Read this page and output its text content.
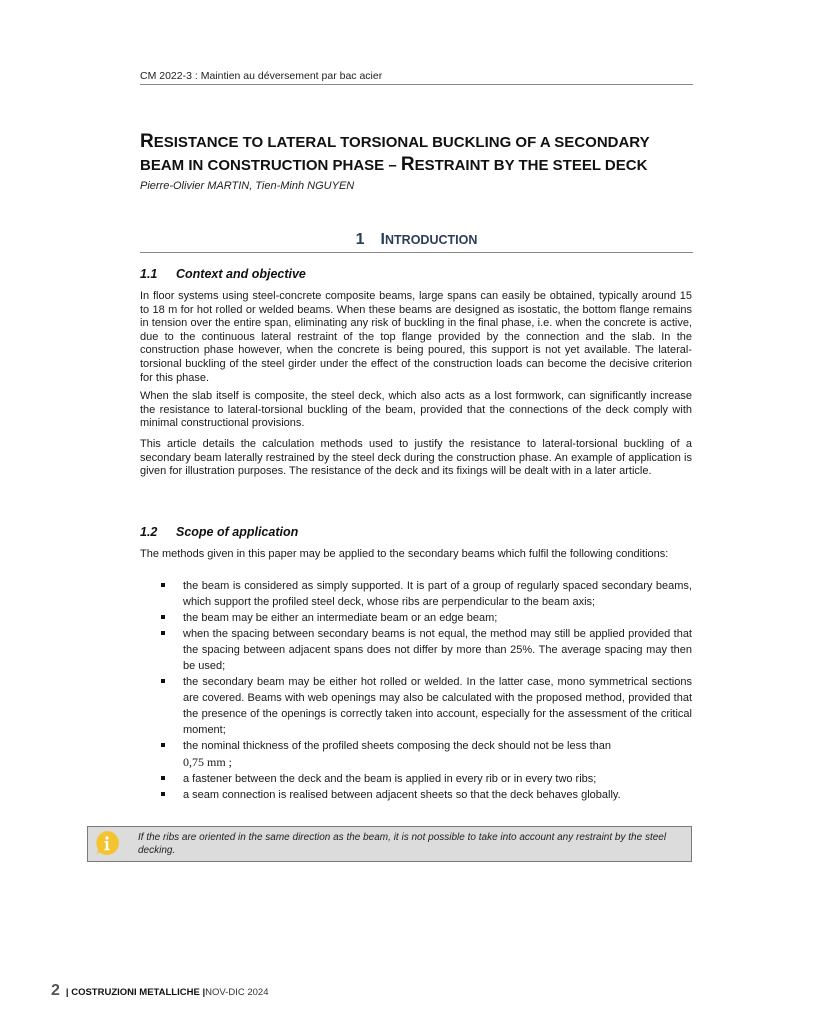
CM 2022-3 : Maintien au déversement par bac acier
RESISTANCE TO LATERAL TORSIONAL BUCKLING OF A SECONDARY
BEAM IN CONSTRUCTION PHASE – RESTRAINT BY THE STEEL DECK
Pierre-Olivier MARTIN, Tien-Minh NGUYEN
1 INTRODUCTION
1.1 Context and objective

In floor systems using steel-concrete composite beams, large spans can easily be obtained, typically around 15 to 18 m for hot rolled or welded beams. When these beams are designed as isostatic, the bottom flange remains in tension over the entire span, eliminating any risk of buckling in the final phase, i.e. when the concrete is active, due to the continuous lateral restraint of the top flange provided by the connection and the slab. In the construction phase however, when the concrete is being poured, this support is not yet available. The lateral-torsional buckling of the steel girder under the effect of the construction loads can become the decisive criterion for this phase.

When the slab itself is composite, the steel deck, which also acts as a lost formwork, can significantly increase the resistance to lateral-torsional buckling of the beam, provided that the connections of the deck comply with minimal constructional provisions.

This article details the calculation methods used to justify the resistance to lateral-torsional buckling of a secondary beam laterally restrained by the steel deck during the construction phase. An example of application is given for illustration purposes. The resistance of the deck and its fixings will be dealt with in a later article.

1.2 Scope of application

The methods given in this paper may be applied to the secondary beams which fulfil the following conditions:

the beam is considered as simply supported. It is part of a group of regularly spaced secondary beams, which support the profiled steel deck, whose ribs are perpendicular to the beam axis;
the beam may be either an intermediate beam or an edge beam;
when the spacing between secondary beams is not equal, the method may still be applied provided that the spacing between adjacent spans does not differ by more than 25%. The average spacing may then be used;
the secondary beam may be either hot rolled or welded. In the latter case, mono symmetrical sections are covered. Beams with web openings may also be calculated with the proposed method, provided that the presence of the openings is correctly taken into account, especially for the assessment of the critical moment;
the nominal thickness of the profiled sheets composing the deck should not be less than
0,75 mm ;
a fastener between the deck and the beam is applied in every rib or in every two ribs;
a seam connection is realised between adjacent sheets so that the deck behaves globally.
If the ribs are oriented in the same direction as the beam, it is not possible to take into account any restraint by the steel decking.
2 | COSTRUZIONI METALLICHE |NOV-DIC 2024
